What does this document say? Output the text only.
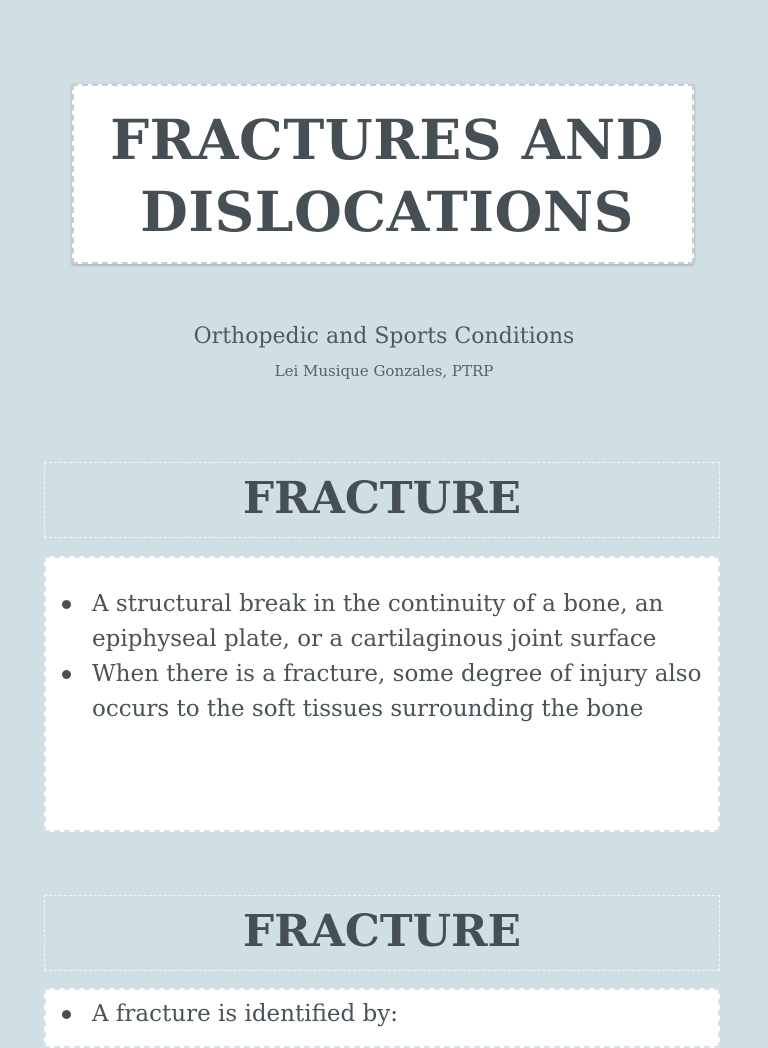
FRACTURES AND
DISLOCATIONS
Orthopedic and Sports Conditions
Lei Musique Gonzales, PTRP
FRACTURE
A structural break in the continuity of a bone, an epiphyseal plate, or a cartilaginous joint surface
When there is a fracture, some degree of injury also occurs to the soft tissues surrounding the bone
FRACTURE
A fracture is identified by:
